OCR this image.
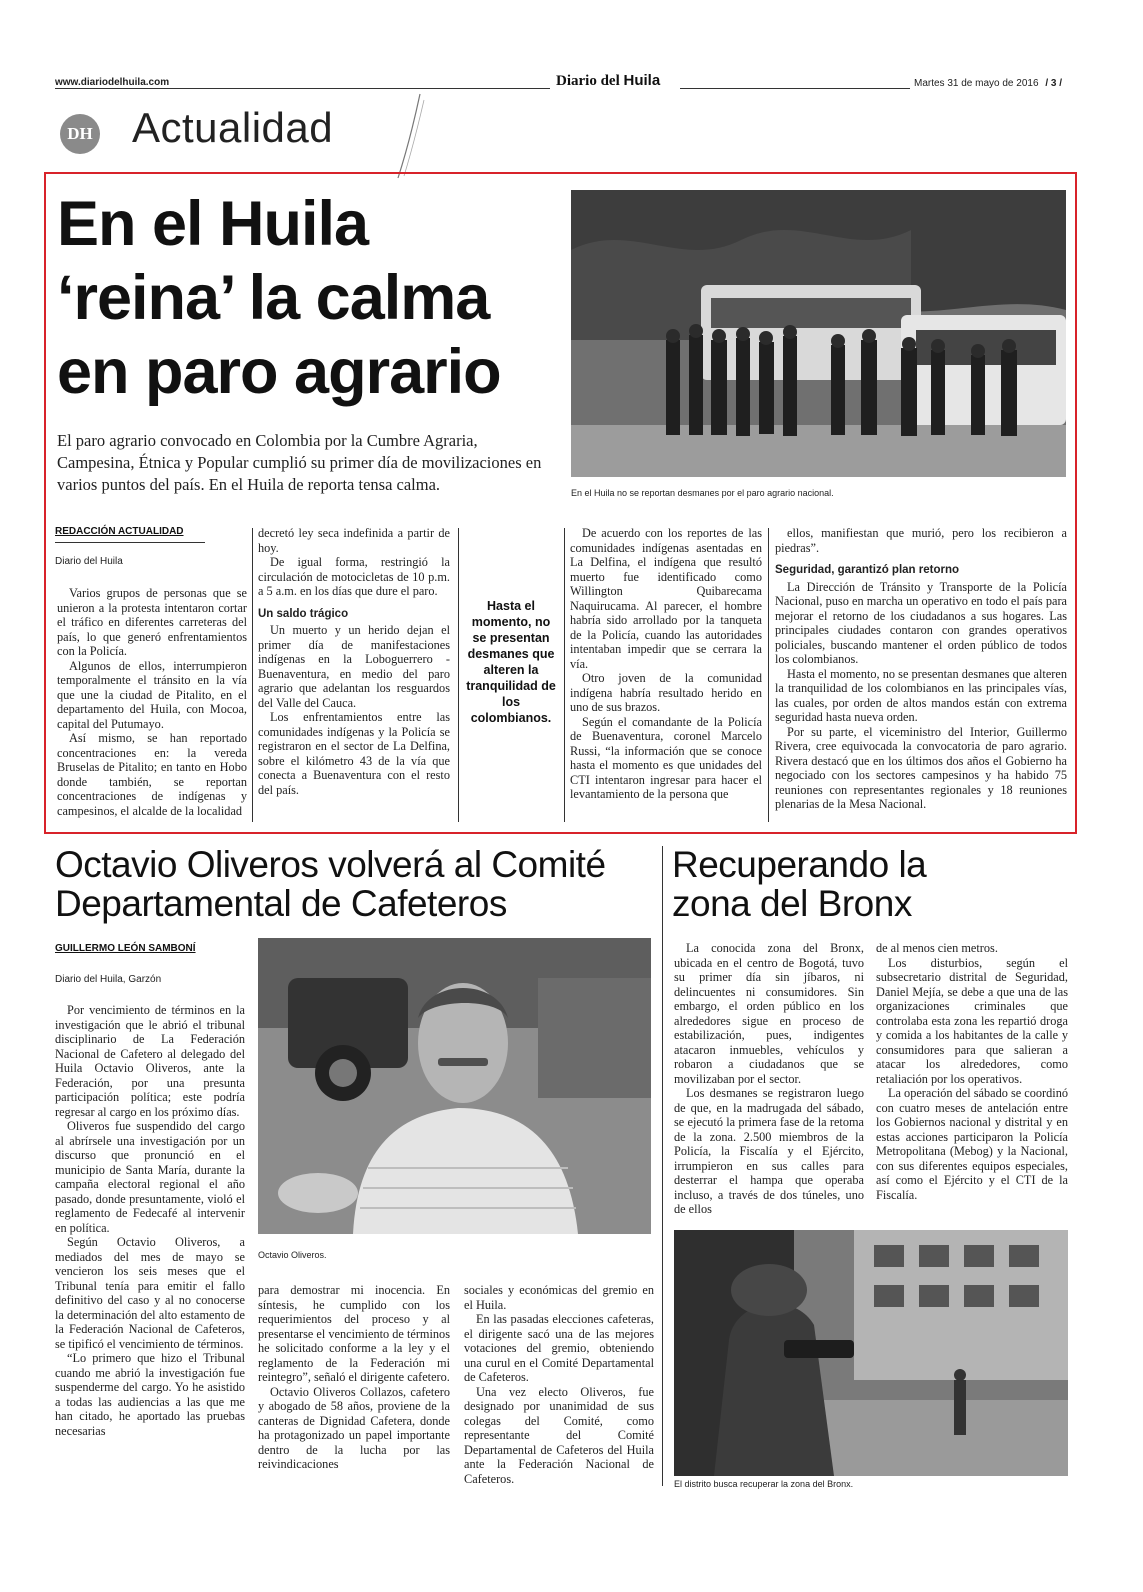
www.diariodelhuila.com	Diario del Huila	Martes 31 de mayo de 2016 / 3 /
DH Actualidad
En el Huila
‘reina’ la calma
en paro agrario
El paro agrario convocado en Colombia por la Cumbre Agraria, Campesina, Étnica y Popular cumplió su primer día de movilizaciones en varios puntos del país. En el Huila de reporta tensa calma.	En el Huila no se reportan desmanes por el paro agrario nacional.
REDACCIÓN ACTUALIDAD
Diario del Huila

Varios grupos de personas que se unieron a la protesta intentaron cortar el tráfico en diferentes carreteras del país, lo que generó enfrentamientos con la Policía.

Algunos de ellos, interrumpieron temporalmente el tránsito en la vía que une la ciudad de Pitalito, en el departamento del Huila, con Mocoa, capital del Putumayo.

Así mismo, se han reportado concentraciones en: la vereda Bruselas de Pitalito; en tanto en Hobo donde también, se reportan concentraciones de indígenas y campesinos, el alcalde de la localidad

decretó ley seca indefinida a partir de hoy.

De igual forma, restringió la circulación de motocicletas de 10 p.m. a 5 a.m. en los días que dure el paro.

Un saldo trágico

Un muerto y un herido dejan el primer día de manifestaciones indígenas en la Loboguerrero - Buenaventura, en medio del paro agrario que adelantan los resguardos del Valle del Cauca.

Los enfrentamientos entre las comunidades indígenas y la Policía se registraron en el sector de La Delfina, sobre el kilómetro 43 de la vía que conecta a Buenaventura con el resto del país.

Hasta el momento, no se presentan desmanes que alteren la tranquilidad de los colombianos.

De acuerdo con los reportes de las comunidades indígenas asentadas en La Delfina, el indígena que resultó muerto fue identificado como Willington Quibarecama Naquirucama. Al parecer, el hombre habría sido arrollado por la tanqueta de la Policía, cuando las autoridades intentaban impedir que se cerrara la vía.

Otro joven de la comunidad indígena habría resultado herido en uno de sus brazos.

Según el comandante de la Policía de Buenaventura, coronel Marcelo Russi, “la información que se conoce hasta el momento es que unidades del CTI intentaron ingresar para hacer el levantamiento de la persona que

ellos, manifiestan que murió, pero los recibieron a piedras”.

Seguridad, garantizó plan retorno

La Dirección de Tránsito y Transporte de la Policía Nacional, puso en marcha un operativo en todo el país para mejorar el retorno de los ciudadanos a sus hogares. Las principales ciudades contaron con grandes operativos policiales, buscando mantener el orden público de todos los colombianos.

Hasta el momento, no se presentan desmanes que alteren la tranquilidad de los colombianos en las principales vías, las cuales, por orden de altos mandos están con extrema seguridad hasta nueva orden.

Por su parte, el viceministro del Interior, Guillermo Rivera, cree equivocada la convocatoria de paro agrario. Rivera destacó que en los últimos dos años el Gobierno ha negociado con los sectores campesinos y ha habido 75 reuniones con representantes regionales y 18 reuniones plenarias de la Mesa Nacional.

Octavio Oliveros volverá al Comité
Departamental de Cafeteros
GUILLERMO LEÓN SAMBONÍ
Diario del Huila, Garzón

Por vencimiento de términos en la investigación que le abrió el tribunal disciplinario de La Federación Nacional de Cafetero al delegado del Huila Octavio Oliveros, ante la Federación, por una presunta participación política; este podría regresar al cargo en los próximo días.

Oliveros fue suspendido del cargo al abrírsele una investigación por un discurso que pronunció en el municipio de Santa María, durante la campaña electoral regional el año pasado, donde presuntamente, violó el reglamento de Fedecafé al intervenir en política.

Según Octavio Oliveros, a mediados del mes de mayo se vencieron los seis meses que el Tribunal tenía para emitir el fallo definitivo del caso y al no conocerse la determinación del alto estamento de la Federación Nacional de Cafeteros, se tipificó el vencimiento de términos.

“Lo primero que hizo el Tribunal cuando me abrió la investigación fue suspenderme del cargo. Yo he asistido a todas las audiencias a las que me han citado, he aportado las pruebas necesarias

Octavio Oliveros.

para demostrar mi inocencia. En síntesis, he cumplido con los requerimientos del proceso y al presentarse el vencimiento de términos he solicitado conforme a la ley y el reglamento de la Federación mi reintegro”, señaló el dirigente cafetero.

Octavio Oliveros Collazos, cafetero y abogado de 58 años, proviene de la canteras de Dignidad Cafetera, donde ha protagonizado un papel importante dentro de la lucha por las reivindicaciones

sociales y económicas del gremio en el Huila.

En las pasadas elecciones cafeteras, el dirigente sacó una de las mejores votaciones del gremio, obteniendo una curul en el Comité Departamental de Cafeteros.

Una vez electo Oliveros, fue designado por unanimidad de sus colegas del Comité, como representante del Comité Departamental de Cafeteros del Huila ante la Federación Nacional de Cafeteros.

Recuperando la
zona del Bronx

La conocida zona del Bronx, ubicada en el centro de Bogotá, tuvo su primer día sin jíbaros, ni delincuentes ni consumidores. Sin embargo, el orden público en los alrededores sigue en proceso de estabilización, pues, indigentes atacaron inmuebles, vehículos y robaron a ciudadanos que se movilizaban por el sector.

Los desmanes se registraron luego de que, en la madrugada del sábado, se ejecutó la primera fase de la retoma de la zona. 2.500 miembros de la Policía, la Fiscalía y el Ejército, irrumpieron en sus calles para desterrar el hampa que operaba incluso, a través de dos túneles, uno de ellos

de al menos cien metros.

Los disturbios, según el subsecretario distrital de Seguridad, Daniel Mejía, se debe a que una de las organizaciones criminales que controlaba esta zona les repartió droga y comida a los habitantes de la calle y consumidores para que salieran a atacar los alrededores, como retaliación por los operativos.

La operación del sábado se coordinó con cuatro meses de antelación entre los Gobiernos nacional y distrital y en estas acciones participaron la Policía Metropolitana (Mebog) y la Nacional, con sus diferentes equipos especiales, así como el Ejército y el CTI de la Fiscalía.

El distrito busca recuperar la zona del Bronx.
